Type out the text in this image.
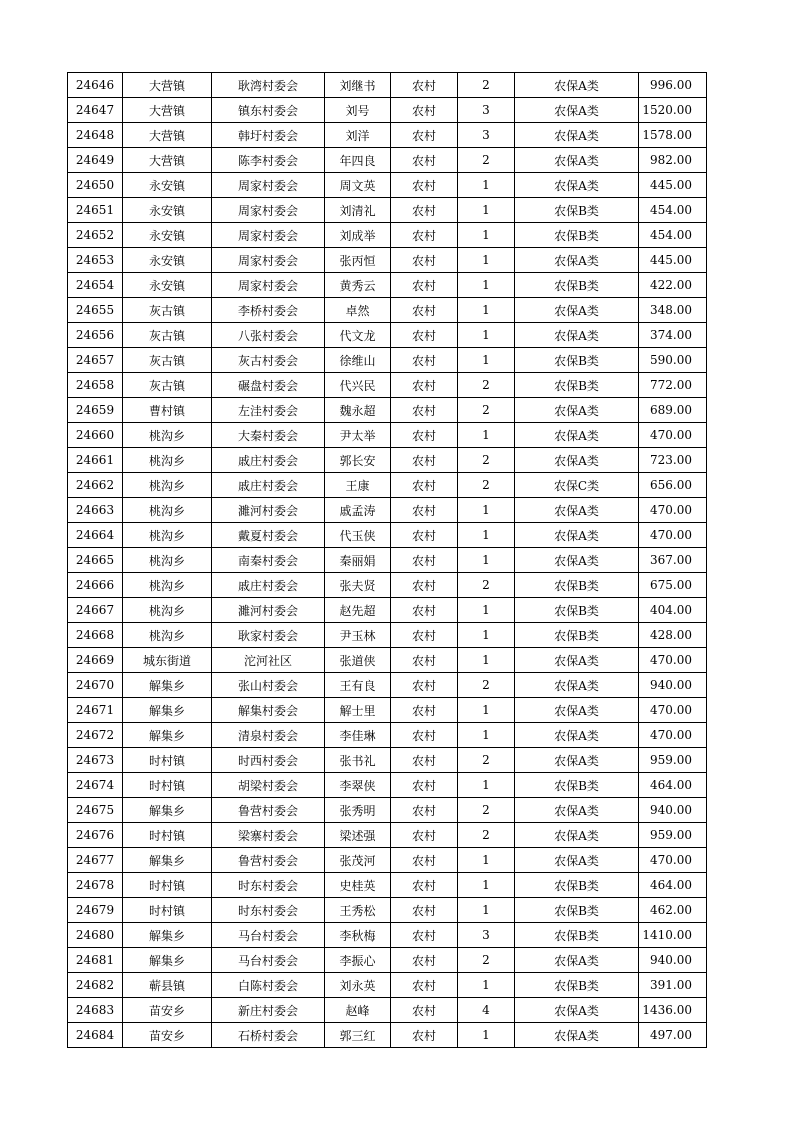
24646	大营镇	耿湾村委会	刘继书	农村	2	农保A类	996.00
24647	大营镇	镇东村委会	刘号	农村	3	农保A类	1520.00
24648	大营镇	韩圩村委会	刘洋	农村	3	农保A类	1578.00
24649	大营镇	陈李村委会	年四良	农村	2	农保A类	982.00
24650	永安镇	周家村委会	周文英	农村	1	农保A类	445.00
24651	永安镇	周家村委会	刘清礼	农村	1	农保B类	454.00
24652	永安镇	周家村委会	刘成举	农村	1	农保B类	454.00
24653	永安镇	周家村委会	张丙恒	农村	1	农保A类	445.00
24654	永安镇	周家村委会	黄秀云	农村	1	农保B类	422.00
24655	灰古镇	李桥村委会	卓然	农村	1	农保A类	348.00
24656	灰古镇	八张村委会	代文龙	农村	1	农保A类	374.00
24657	灰古镇	灰古村委会	徐维山	农村	1	农保B类	590.00
24658	灰古镇	碾盘村委会	代兴民	农村	2	农保B类	772.00
24659	曹村镇	左洼村委会	魏永超	农村	2	农保A类	689.00
24660	桃沟乡	大秦村委会	尹太举	农村	1	农保A类	470.00
24661	桃沟乡	戚庄村委会	郭长安	农村	2	农保A类	723.00
24662	桃沟乡	戚庄村委会	王康	农村	2	农保C类	656.00
24663	桃沟乡	濉河村委会	戚孟涛	农村	1	农保A类	470.00
24664	桃沟乡	戴夏村委会	代玉侠	农村	1	农保A类	470.00
24665	桃沟乡	南秦村委会	秦丽娟	农村	1	农保A类	367.00
24666	桃沟乡	戚庄村委会	张夫贤	农村	2	农保B类	675.00
24667	桃沟乡	濉河村委会	赵先超	农村	1	农保B类	404.00
24668	桃沟乡	耿家村委会	尹玉林	农村	1	农保B类	428.00
24669	城东街道	沱河社区	张道侠	农村	1	农保A类	470.00
24670	解集乡	张山村委会	王有良	农村	2	农保A类	940.00
24671	解集乡	解集村委会	解士里	农村	1	农保A类	470.00
24672	解集乡	清泉村委会	李佳琳	农村	1	农保A类	470.00
24673	时村镇	时西村委会	张书礼	农村	2	农保A类	959.00
24674	时村镇	胡梁村委会	李翠侠	农村	1	农保B类	464.00
24675	解集乡	鲁营村委会	张秀明	农村	2	农保A类	940.00
24676	时村镇	梁寨村委会	梁述强	农村	2	农保A类	959.00
24677	解集乡	鲁营村委会	张茂河	农村	1	农保A类	470.00
24678	时村镇	时东村委会	史桂英	农村	1	农保B类	464.00
24679	时村镇	时东村委会	王秀松	农村	1	农保B类	462.00
24680	解集乡	马台村委会	李秋梅	农村	3	农保B类	1410.00
24681	解集乡	马台村委会	李振心	农村	2	农保A类	940.00
24682	蕲县镇	白陈村委会	刘永英	农村	1	农保B类	391.00
24683	苗安乡	新庄村委会	赵峰	农村	4	农保A类	1436.00
24684	苗安乡	石桥村委会	郭三红	农村	1	农保A类	497.00
